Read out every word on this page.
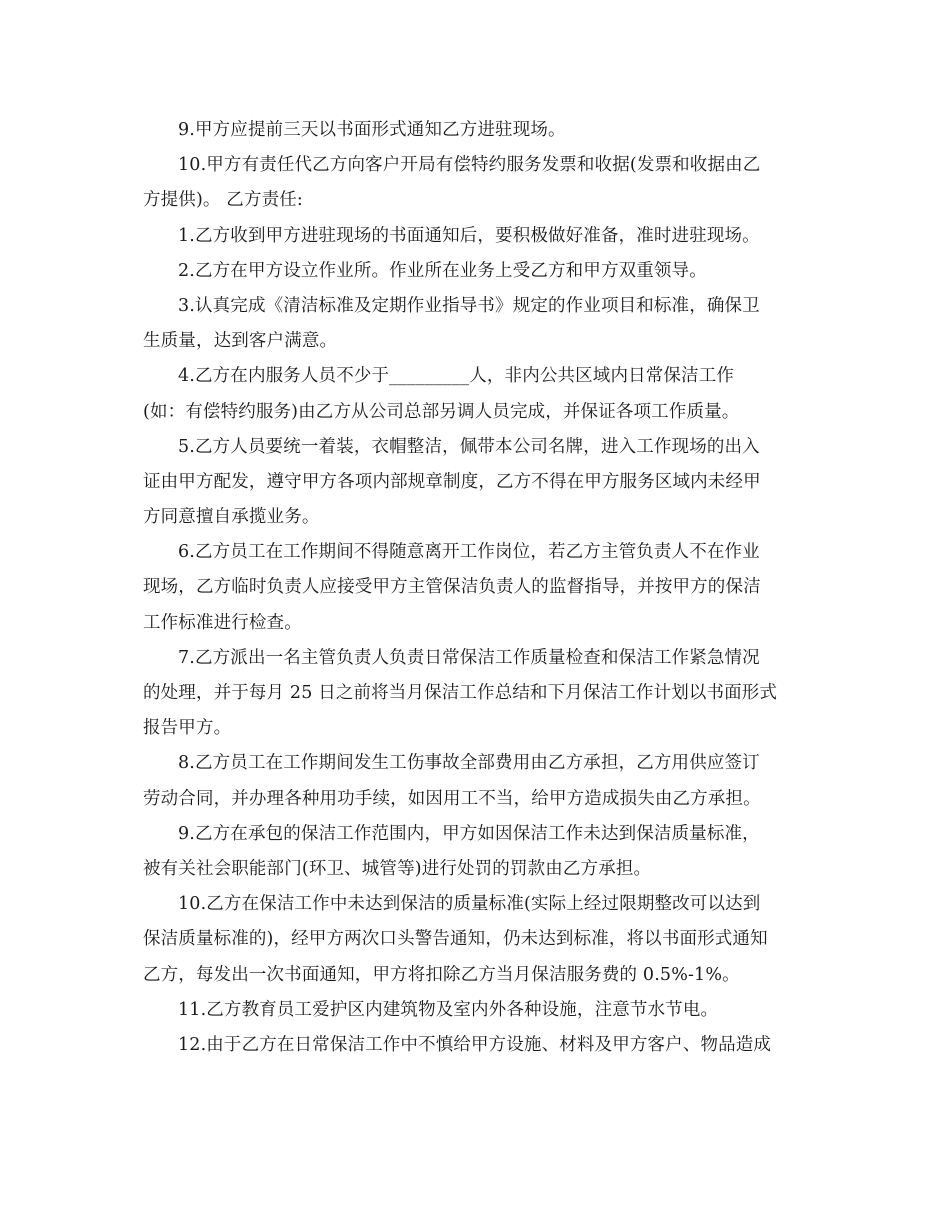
9.甲方应提前三天以书面形式通知乙方进驻现场。
10.甲方有责任代乙方向客户开局有偿特约服务发票和收据(发票和收据由乙
方提供)。 乙方责任:
1.乙方收到甲方进驻现场的书面通知后，要积极做好准备，准时进驻现场。
2.乙方在甲方设立作业所。作业所在业务上受乙方和甲方双重领导。
3.认真完成《清洁标准及定期作业指导书》规定的作业项目和标准，确保卫
生质量，达到客户满意。
4.乙方在内服务人员不少于_________人，非内公共区域内日常保洁工作
(如：有偿特约服务)由乙方从公司总部另调人员完成，并保证各项工作质量。
5.乙方人员要统一着装，衣帽整洁，佩带本公司名牌，进入工作现场的出入
证由甲方配发，遵守甲方各项内部规章制度，乙方不得在甲方服务区域内未经甲
方同意擅自承揽业务。
6.乙方员工在工作期间不得随意离开工作岗位，若乙方主管负责人不在作业
现场，乙方临时负责人应接受甲方主管保洁负责人的监督指导，并按甲方的保洁
工作标准进行检查。
7.乙方派出一名主管负责人负责日常保洁工作质量检查和保洁工作紧急情况
的处理，并于每月 25 日之前将当月保洁工作总结和下月保洁工作计划以书面形式
报告甲方。
8.乙方员工在工作期间发生工伤事故全部费用由乙方承担，乙方用供应签订
劳动合同，并办理各种用功手续，如因用工不当，给甲方造成损失由乙方承担。
9.乙方在承包的保洁工作范围内，甲方如因保洁工作未达到保洁质量标准，
被有关社会职能部门(环卫、城管等)进行处罚的罚款由乙方承担。
10.乙方在保洁工作中未达到保洁的质量标准(实际上经过限期整改可以达到
保洁质量标准的)，经甲方两次口头警告通知，仍未达到标准，将以书面形式通知
乙方，每发出一次书面通知，甲方将扣除乙方当月保洁服务费的 0.5%-1%。
11.乙方教育员工爱护区内建筑物及室内外各种设施，注意节水节电。
12.由于乙方在日常保洁工作中不慎给甲方设施、材料及甲方客户、物品造成
